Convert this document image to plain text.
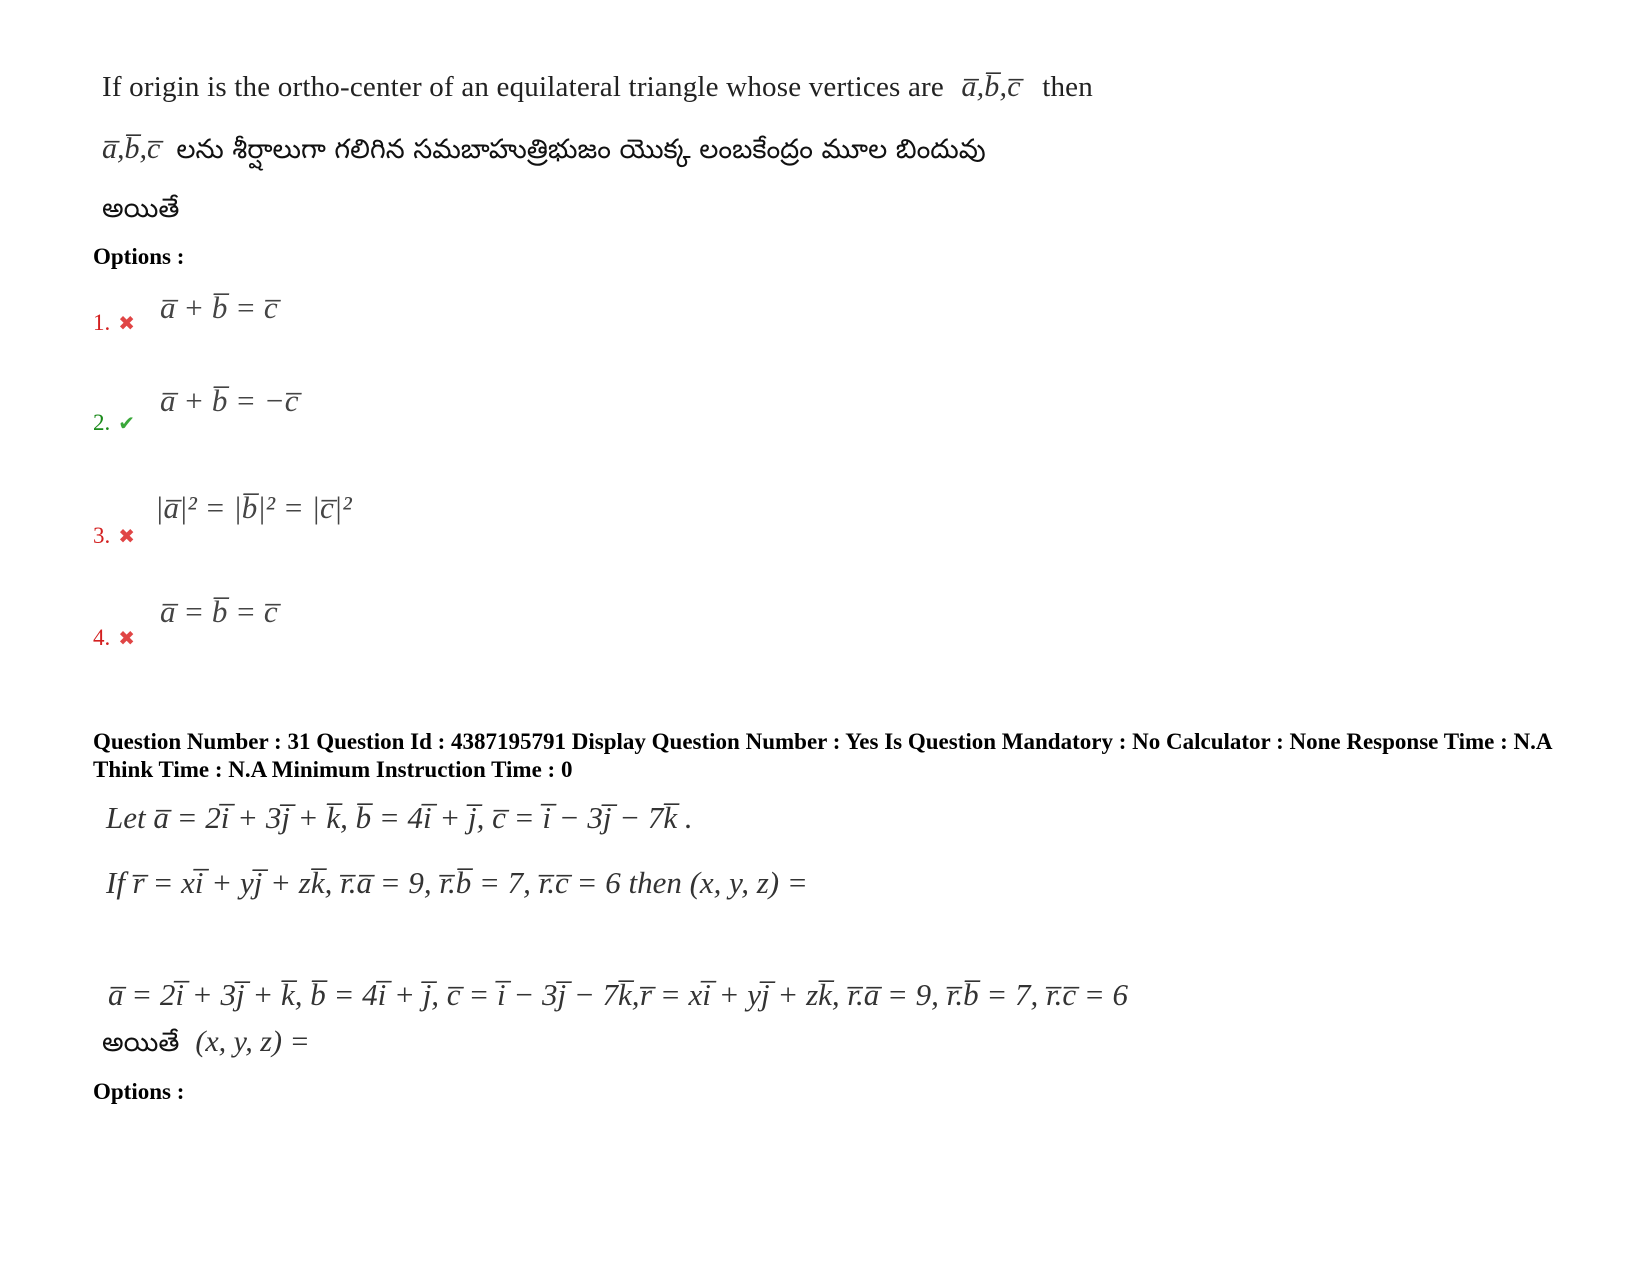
If origin is the ortho-center of an equilateral triangle whose vertices are a̅,b̅,c̅ then
a̅,b̅,c̅ లను శీర్షాలుగా గలిగిన సమబాహుత్రిభుజం యొక్క లంబకేంద్రం మూల బిందువు
అయితే
Options :
1. ✖ a̅ + b̅ = c̅
2. ✔
a̅ + b̅ = −c̅
3. ✖
|a̅|² = |b̅|² = |c̅|²
4. ✖
a̅ = b̅ = c̅
Question Number : 31 Question Id : 4387195791 Display Question Number : Yes Is Question Mandatory : No Calculator : None Response Time : N.A Think Time : N.A Minimum Instruction Time : 0
Let a̅ = 2i̅ + 3j̅ + k̅, b̅ = 4i̅ + j̅, c̅ = i̅ − 3j̅ − 7k̅ .
If r̅ = xi̅ + yj̅ + zk̅, r̅.a̅ = 9, r̅.b̅ = 7, r̅.c̅ = 6 then (x, y, z) =
a̅ = 2i̅ + 3j̅ + k̅, b̅ = 4i̅ + j̅, c̅ = i̅ − 3j̅ − 7k̅, r̅ = xi̅ + yj̅ + zk̅, r̅.a̅ = 9, r̅.b̅ = 7, r̅.c̅ = 6
అయితే (x, y, z) =
Options :
